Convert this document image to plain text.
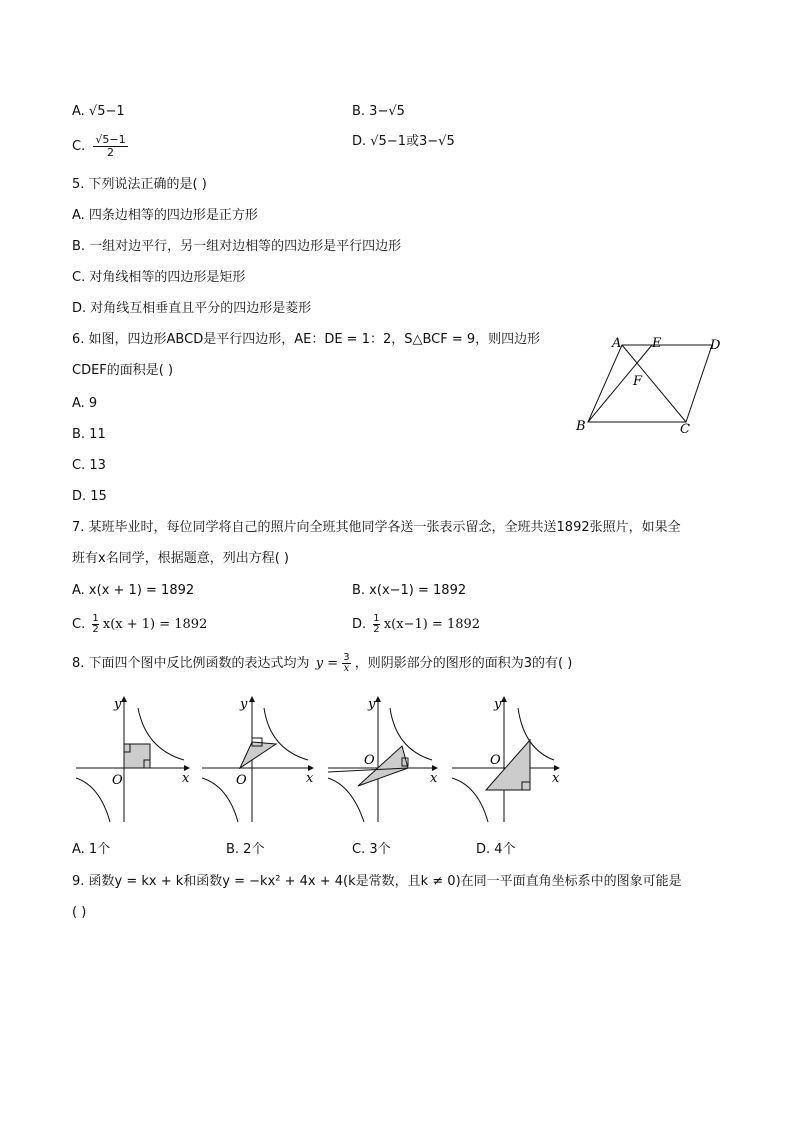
A. √5−1	B. 3−√5
C. $\frac{√5-1}{2}$	D. √5−1或3−√5
5. 下列说法正确的是( )
A. 四条边相等的四边形是正方形
B. 一组对边平行，另一组对边相等的四边形是平行四边形
C. 对角线相等的四边形是矩形
D. 对角线互相垂直且平分的四边形是菱形
6. 如图，四边形ABCD是平行四边形，AE：DE = 1：2，S△BCF = 9，则四边形
CDEF的面积是( )
A. 9
B. 11
C. 13
D. 15
A E	D
F
B	C
7. 某班毕业时，每位同学将自己的照片向全班其他同学各送一张表示留念，全班共送1892张照片，如果全
班有x名同学，根据题意，列出方程( )
A. x(x + 1) = 1892	B. x(x−1) = 1892
C. $\frac{1}{2} x(x + 1) = 1892$	D. $\frac{1}{2} x(x-1) = 1892$
8. 下面四个图中反比例函数的表达式均为 $y = \frac{3}{x}$ ，则阴影部分的图形的面积为3的有( )
x
y
O	x
y
O	x
y
O
x
y
O
A. 1个	B. 2个	C. 3个	D. 4个
9. 函数y = kx + k和函数y = −kx² + 4x + 4(k是常数，且k ≠ 0)在同一平面直角坐标系中的图象可能是
( )
